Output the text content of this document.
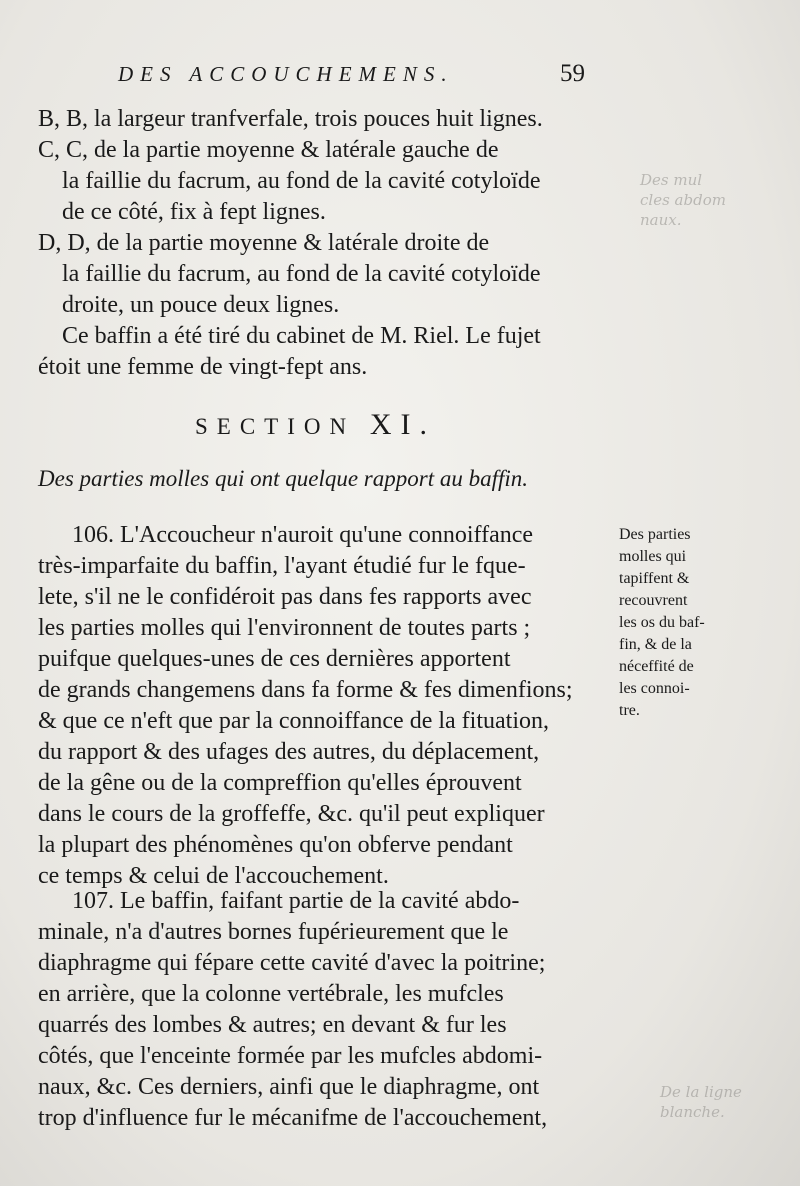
Des mul
cles abdom
naux.
De la ligne
blanche.
DES ACCOUCHEMENS.	59
B, B, la largeur tranfverfale, trois pouces huit lignes.
C, C, de la partie moyenne & latérale gauche de
la faillie du facrum, au fond de la cavité cotyloïde
de ce côté, fix à fept lignes.
D, D, de la partie moyenne & latérale droite de
la faillie du facrum, au fond de la cavité cotyloïde
droite, un pouce deux lignes.
Ce baffin a été tiré du cabinet de M. Riel. Le fujet
étoit une femme de vingt-fept ans.
SECTION XI.
Des parties molles qui ont quelque rapport au baffin.
106. L'Accoucheur n'auroit qu'une connoiffance
très-imparfaite du baffin, l'ayant étudié fur le fque-
lete, s'il ne le confidéroit pas dans fes rapports avec
les parties molles qui l'environnent de toutes parts ;
puifque quelques-unes de ces dernières apportent
de grands changemens dans fa forme & fes dimenfions;
& que ce n'eft que par la connoiffance de la fituation,
du rapport & des ufages des autres, du déplacement,
de la gêne ou de la compreffion qu'elles éprouvent
dans le cours de la groffeffe, &c. qu'il peut expliquer
la plupart des phénomènes qu'on obferve pendant
ce temps & celui de l'accouchement.
Des parties
molles qui
tapiffent &
recouvrent
les os du baf-
fin, & de la
néceffité de
les connoi-
tre.
107. Le baffin, faifant partie de la cavité abdo-
minale, n'a d'autres bornes fupérieurement que le
diaphragme qui fépare cette cavité d'avec la poitrine;
en arrière, que la colonne vertébrale, les mufcles
quarrés des lombes & autres; en devant & fur les
côtés, que l'enceinte formée par les mufcles abdomi-
naux, &c. Ces derniers, ainfi que le diaphragme, ont
trop d'influence fur le mécanifme de l'accouchement,
